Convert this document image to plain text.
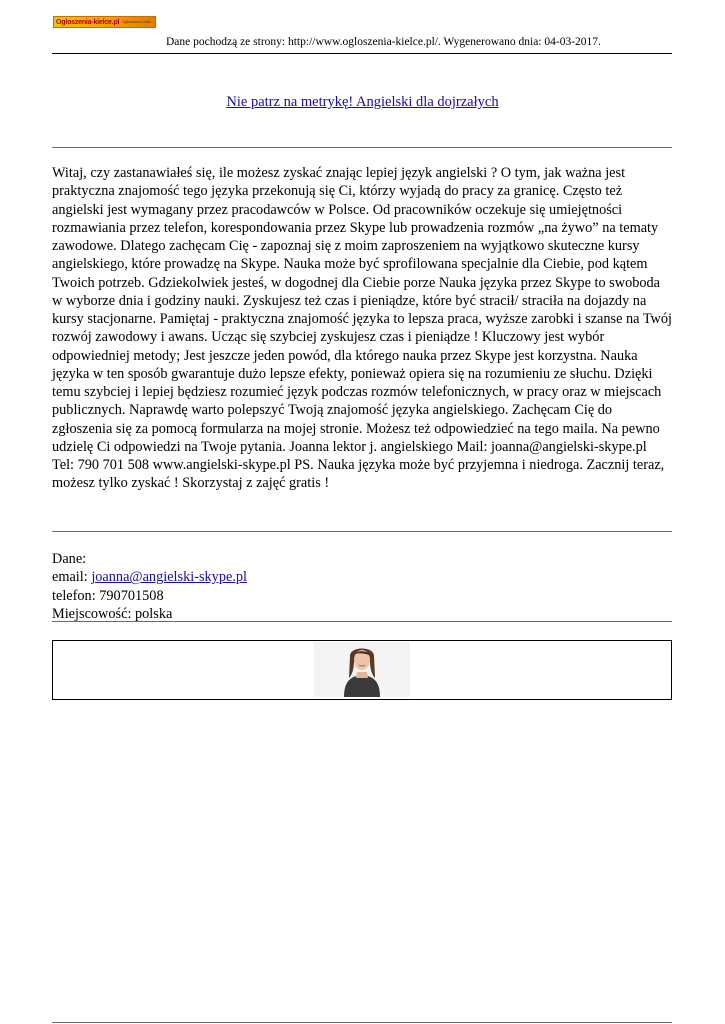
Ogloszenia-kielce.pl Ogłoszenia z Kielc
Dane pochodzą ze strony: http://www.ogloszenia-kielce.pl/. Wygenerowano dnia: 04-03-2017.
Nie patrz na metrykę! Angielski dla dojrzałych

Witaj, czy zastanawiałeś się, ile możesz zyskać znając lepiej język angielski ? O tym, jak ważna jest praktyczna znajomość tego języka przekonują się Ci, którzy wyjadą do pracy za granicę. Często też angielski jest wymagany przez pracodawców w Polsce. Od pracowników oczekuje się umiejętności rozmawiania przez telefon, korespondowania przez Skype lub prowadzenia rozmów „na żywo” na tematy zawodowe. Dlatego zachęcam Cię - zapoznaj się z moim zaproszeniem na wyjątkowo skuteczne kursy angielskiego, które prowadzę na Skype. Nauka może być sprofilowana specjalnie dla Ciebie, pod kątem Twoich potrzeb. Gdziekolwiek jesteś, w dogodnej dla Ciebie porze Nauka języka przez Skype to swoboda w wyborze dnia i godziny nauki. Zyskujesz też czas i pieniądze, które być stracił/ straciła na dojazdy na kursy stacjonarne. Pamiętaj - praktyczna znajomość języka to lepsza praca, wyższe zarobki i szanse na Twój rozwój zawodowy i awans. Ucząc się szybciej zyskujesz czas i pieniądze ! Kluczowy jest wybór odpowiedniej metody; Jest jeszcze jeden powód, dla którego nauka przez Skype jest korzystna. Nauka języka w ten sposób gwarantuje dużo lepsze efekty, ponieważ opiera się na rozumieniu ze słuchu. Dzięki temu szybciej i lepiej będziesz rozumieć język podczas rozmów telefonicznych, w pracy oraz w miejscach publicznych. Naprawdę warto polepszyć Twoją znajomość języka angielskiego. Zachęcam Cię do zgłoszenia się za pomocą formularza na mojej stronie. Możesz też odpowiedzieć na tego maila. Na pewno udzielę Ci odpowiedzi na Twoje pytania. Joanna lektor j. angielskiego Mail: joanna@angielski-skype.pl Tel: 790 701 508 www.angielski-skype.pl PS. Nauka języka może być przyjemna i niedroga. Zacznij teraz, możesz tylko zyskać ! Skorzystaj z zajęć gratis !

Dane:
email: joanna@angielski-skype.pl
telefon: 790701508
Miejscowość: polska
